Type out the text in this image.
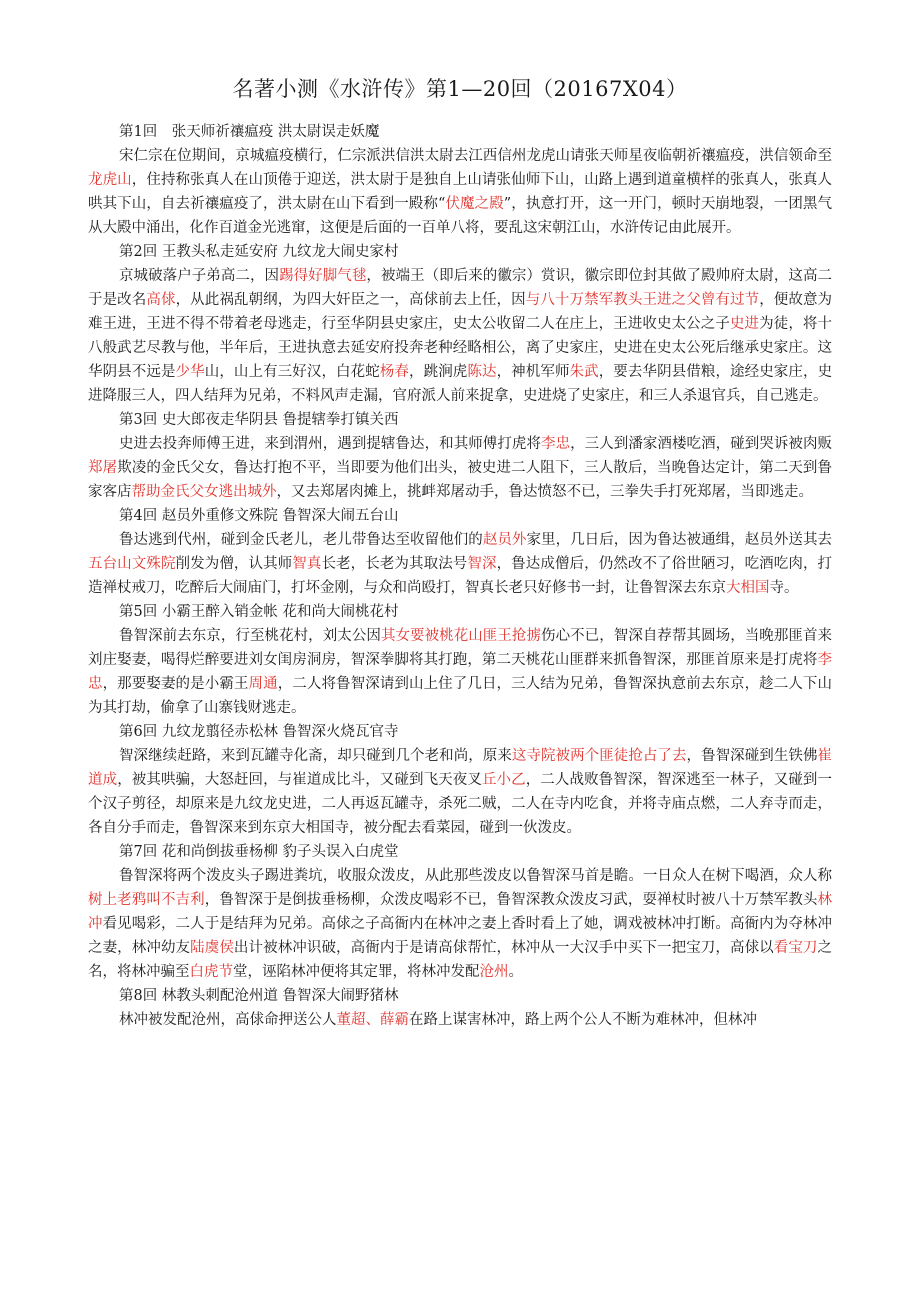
名著小测《水浒传》第1—20回（20167X04）

第1回　张天师祈禳瘟疫 洪太尉误走妖魔

宋仁宗在位期间，京城瘟疫横行，仁宗派洪信洪太尉去江西信州龙虎山请张天师星夜临朝祈禳瘟疫，洪信领命至龙虎山，住持称张真人在山顶倦于迎送，洪太尉于是独自上山请张仙师下山，山路上遇到道童横样的张真人，张真人哄其下山，自去祈禳瘟疫了，洪太尉在山下看到一殿称“伏魔之殿”，执意打开，这一开门，顿时天崩地裂，一团黑气从大殿中涌出，化作百道金光逃窜，这便是后面的一百单八将，要乱这宋朝江山，水浒传记由此展开。

第2回 王教头私走延安府 九纹龙大闹史家村

京城破落户子弟高二，因踢得好脚气毬，被端王（即后来的徽宗）赏识，徽宗即位封其做了殿帅府太尉，这高二于是改名高俅，从此祸乱朝纲，为四大奸臣之一，高俅前去上任，因与八十万禁军教头王进之父曾有过节，便故意为难王进，王进不得不带着老母逃走，行至华阴县史家庄，史太公收留二人在庄上，王进收史太公之子史进为徒，将十八般武艺尽教与他，半年后，王进执意去延安府投奔老种经略相公，离了史家庄，史进在史太公死后继承史家庄。这华阴县不远是少华山，山上有三好汉，白花蛇杨春，跳涧虎陈达，神机军师朱武，要去华阴县借粮，途经史家庄，史进降服三人，四人结拜为兄弟，不料风声走漏，官府派人前来捉拿，史进烧了史家庄，和三人杀退官兵，自己逃走。

第3回 史大郎夜走华阴县 鲁提辖拳打镇关西

史进去投奔师傅王进，来到渭州，遇到提辖鲁达，和其师傅打虎将李忠，三人到潘家酒楼吃酒，碰到哭诉被肉贩郑屠欺凌的金氏父女，鲁达打抱不平，当即要为他们出头，被史进二人阻下，三人散后，当晚鲁达定计，第二天到鲁家客店帮助金氏父女逃出城外，又去郑屠肉摊上，挑衅郑屠动手，鲁达愤怒不已，三拳失手打死郑屠，当即逃走。

第4回 赵员外重修文殊院 鲁智深大闹五台山

鲁达逃到代州，碰到金氏老儿，老儿带鲁达至收留他们的赵员外家里，几日后，因为鲁达被通缉，赵员外送其去五台山文殊院削发为僧，认其师智真长老，长老为其取法号智深，鲁达成僧后，仍然改不了俗世陋习，吃酒吃肉，打造禅杖戒刀，吃醉后大闹庙门，打坏金刚，与众和尚殴打，智真长老只好修书一封，让鲁智深去东京大相国寺。

第5回 小霸王醉入销金帐 花和尚大闹桃花村

鲁智深前去东京，行至桃花村，刘太公因其女要被桃花山匪王抢掳伤心不已，智深自荐帮其圆场，当晚那匪首来刘庄娶妻，喝得烂醉要进刘女闺房洞房，智深拳脚将其打跑，第二天桃花山匪群来抓鲁智深，那匪首原来是打虎将李忠，那要娶妻的是小霸王周通，二人将鲁智深请到山上住了几日，三人结为兄弟，鲁智深执意前去东京，趁二人下山为其打劫，偷拿了山寨钱财逃走。

第6回 九纹龙翦径赤松林 鲁智深火烧瓦官寺

智深继续赶路，来到瓦罐寺化斋，却只碰到几个老和尚，原来这寺院被两个匪徒抢占了去，鲁智深碰到生铁佛崔道成，被其哄骗，大怒赶回，与崔道成比斗，又碰到飞天夜叉丘小乙，二人战败鲁智深，智深逃至一林子，又碰到一个汉子剪径，却原来是九纹龙史进，二人再返瓦罐寺，杀死二贼，二人在寺内吃食，并将寺庙点燃，二人弃寺而走，各自分手而走，鲁智深来到东京大相国寺，被分配去看菜园，碰到一伙泼皮。

第7回 花和尚倒拔垂杨柳 豹子头误入白虎堂

鲁智深将两个泼皮头子踢进粪坑，收服众泼皮，从此那些泼皮以鲁智深马首是瞻。一日众人在树下喝酒，众人称树上老鸦叫不吉利，鲁智深于是倒拔垂杨柳，众泼皮喝彩不已，鲁智深教众泼皮习武，耍禅杖时被八十万禁军教头林冲看见喝彩，二人于是结拜为兄弟。高俅之子高衙内在林冲之妻上香时看上了她，调戏被林冲打断。高衙内为夺林冲之妻，林冲幼友陆虞侯出计被林冲识破，高衙内于是请高俅帮忙，林冲从一大汉手中买下一把宝刀，高俅以看宝刀之名，将林冲骗至白虎节堂，诬陷林冲便将其定罪，将林冲发配沧州。

第8回 林教头刺配沧州道 鲁智深大闹野猪林

林冲被发配沧州，高俅命押送公人董超、薛霸在路上谋害林冲，路上两个公人不断为难林冲，但林冲
